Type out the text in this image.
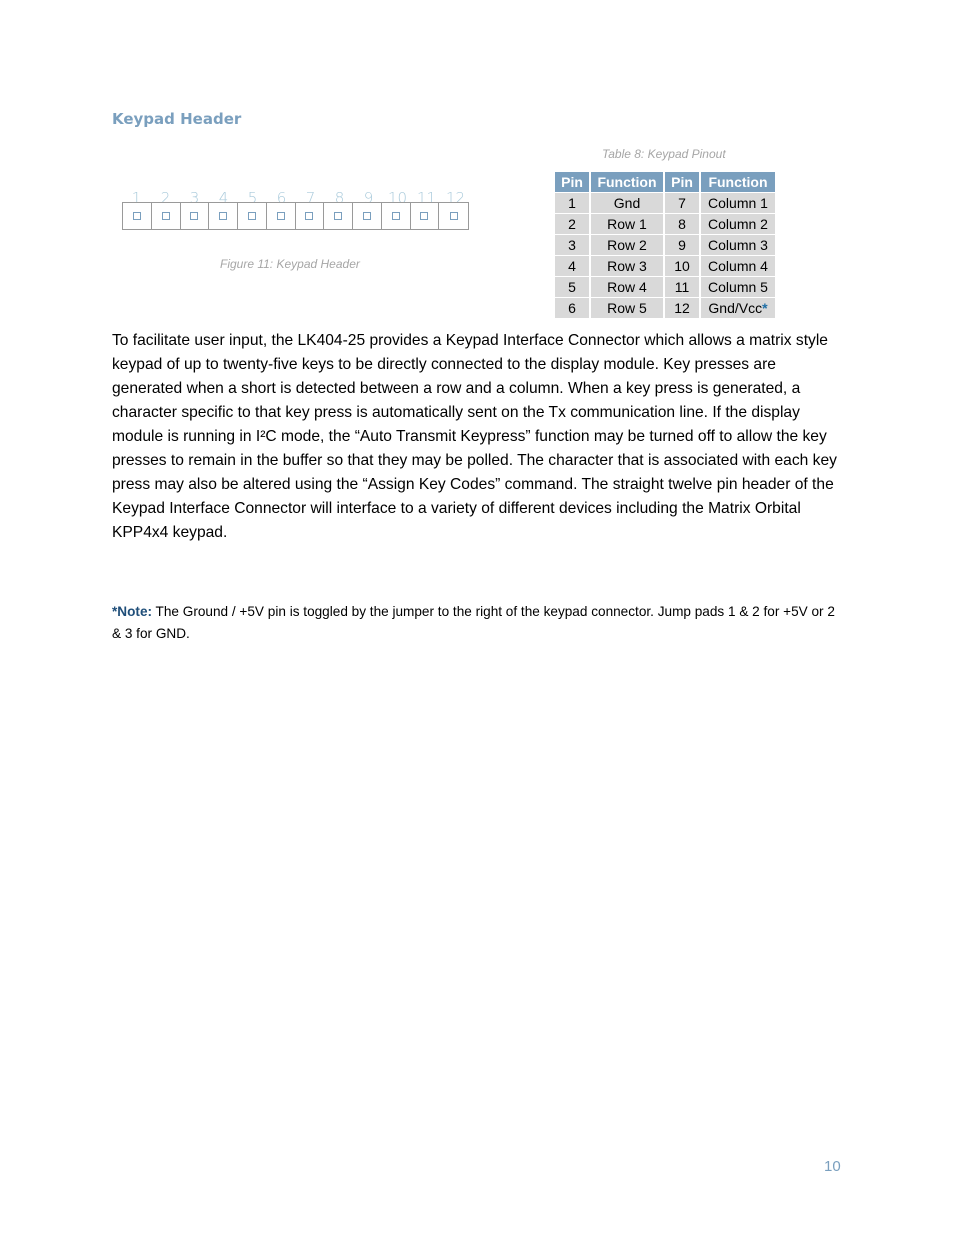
Keypad Header
Table 8: Keypad Pinout
1	2	3	4	5	6	7	8	9 10 11 12
Figure 11: Keypad Header
Pin	Function	Pin	Function
1	Gnd	7	Column 1
2	Row 1	8	Column 2
3	Row 2	9	Column 3
4	Row 3	10	Column 4
5	Row 4	11	Column 5
6	Row 5	12	Gnd/Vcc*
To facilitate user input, the LK404-25 provides a Keypad Interface Connector which allows a matrix style keypad of up to twenty-five keys to be directly connected to the display module. Key presses are generated when a short is detected between a row and a column. When a key press is generated, a character specific to that key press is automatically sent on the Tx communication line. If the display module is running in I²C mode, the “Auto Transmit Keypress” function may be turned off to allow the key presses to remain in the buffer so that they may be polled. The character that is associated with each key press may also be altered using the “Assign Key Codes” command. The straight twelve pin header of the Keypad Interface Connector will interface to a variety of different devices including the Matrix Orbital KPP4x4 keypad.
*Note: The Ground / +5V pin is toggled by the jumper to the right of the keypad connector. Jump pads 1 & 2 for +5V or 2 & 3 for GND.
10
